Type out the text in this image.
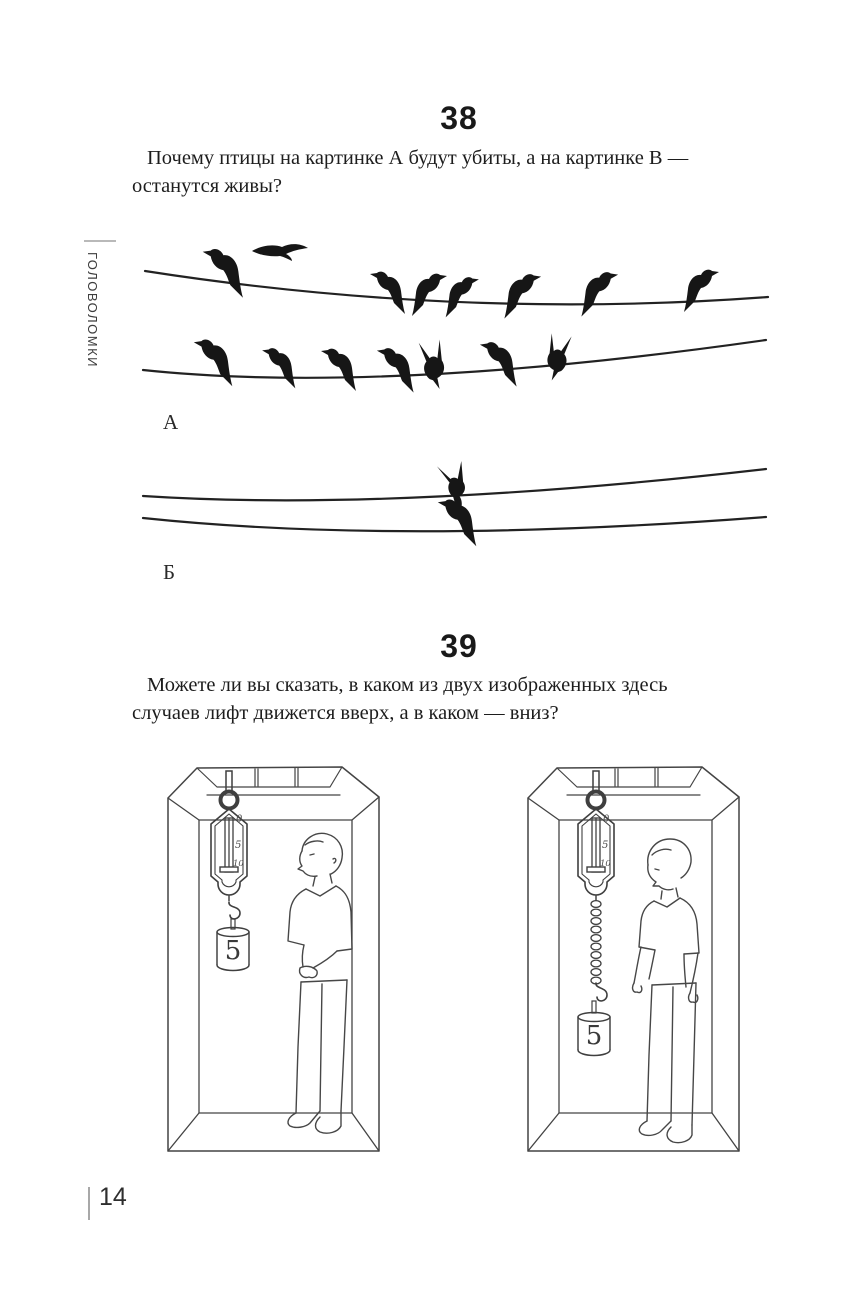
ГОЛОВОЛОМКИ
38
Почему птицы на картинке А будут убиты, а на картинке В —
останутся живы?
А
Б
39
Можете ли вы сказать, в каком из двух изображенных здесь
случаев лифт движется вверх, а в каком — вниз?
0
5
10
5
0
5
10
5
14
